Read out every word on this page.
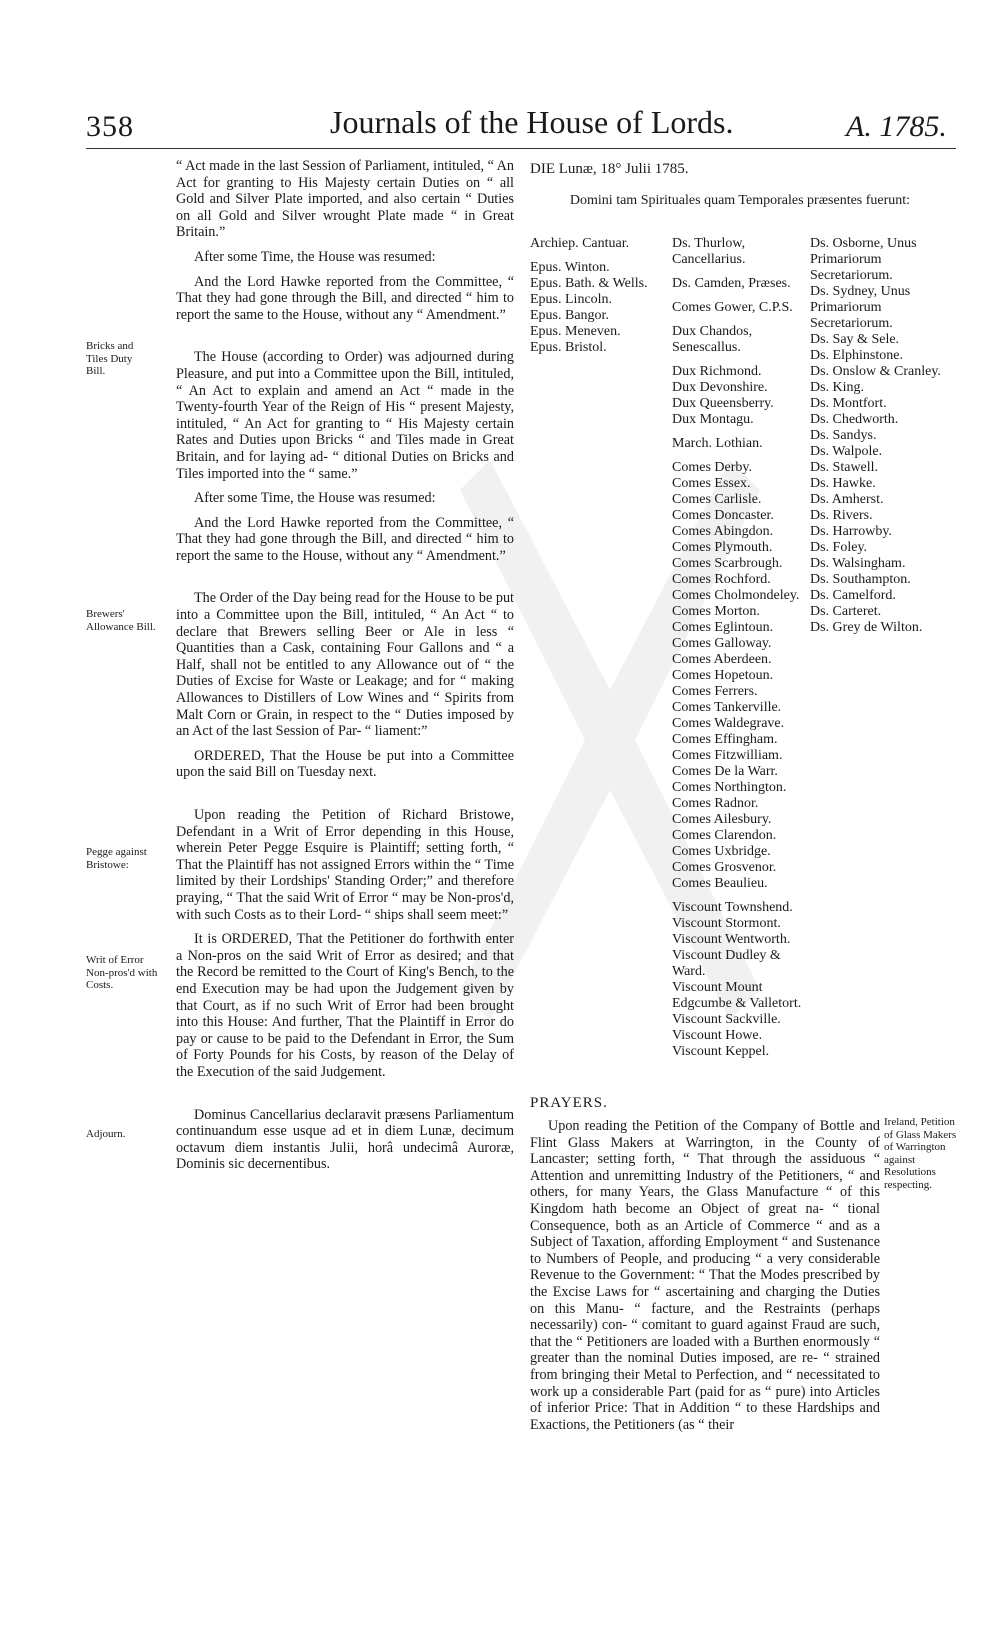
358	Journals of the House of Lords.	A. 1785.
Bricks and Tiles Duty Bill.
Brewers' Allowance Bill.
Pegge against Bristowe:
Writ of Error Non-pros'd with Costs.
Adjourn.
Ireland, Petition of Glass Makers of Warrington against Resolutions respecting.

“ Act made in the last Session of Parliament, intituled, “ An Act for granting to His Majesty certain Duties on “ all Gold and Silver Plate imported, and also certain “ Duties on all Gold and Silver wrought Plate made “ in Great Britain.”

After some Time, the House was resumed:

And the Lord Hawke reported from the Committee, “ That they had gone through the Bill, and directed “ him to report the same to the House, without any “ Amendment.”

The House (according to Order) was adjourned during Pleasure, and put into a Committee upon the Bill, intituled, “ An Act to explain and amend an Act “ made in the Twenty-fourth Year of the Reign of His “ present Majesty, intituled, “ An Act for granting to “ His Majesty certain Rates and Duties upon Bricks “ and Tiles made in Great Britain, and for laying ad- “ ditional Duties on Bricks and Tiles imported into the “ same.”

After some Time, the House was resumed:

And the Lord Hawke reported from the Committee, “ That they had gone through the Bill, and directed “ him to report the same to the House, without any “ Amendment.”

The Order of the Day being read for the House to be put into a Committee upon the Bill, intituled, “ An Act “ to declare that Brewers selling Beer or Ale in less “ Quantities than a Cask, containing Four Gallons and “ a Half, shall not be entitled to any Allowance out of “ the Duties of Excise for Waste or Leakage; and for “ making Allowances to Distillers of Low Wines and “ Spirits from Malt Corn or Grain, in respect to the “ Duties imposed by an Act of the last Session of Par- “ liament:”

ORDERED, That the House be put into a Committee upon the said Bill on Tuesday next.

Upon reading the Petition of Richard Bristowe, Defendant in a Writ of Error depending in this House, wherein Peter Pegge Esquire is Plaintiff; setting forth, “ That the Plaintiff has not assigned Errors within the “ Time limited by their Lordships' Standing Order;” and therefore praying, “ That the said Writ of Error “ may be Non-pros'd, with such Costs as to their Lord- “ ships shall seem meet:”

It is ORDERED, That the Petitioner do forthwith enter a Non-pros on the said Writ of Error as desired; and that the Record be remitted to the Court of King's Bench, to the end Execution may be had upon the Judgement given by that Court, as if no such Writ of Error had been brought into this House: And further, That the Plaintiff in Error do pay or cause to be paid to the Defendant in Error, the Sum of Forty Pounds for his Costs, by reason of the Delay of the Execution of the said Judgement.

Dominus Cancellarius declaravit præsens Parliamentum continuandum esse usque ad et in diem Lunæ, decimum octavum diem instantis Julii, horâ undecimâ Auroræ, Dominis sic decernentibus.

DIE Lunæ, 18° Julii 1785.
Domini tam Spirituales quam Temporales præsentes fuerunt:
Archiep. Cantuar.
Epus. Winton.
Epus. Bath. & Wells.
Epus. Lincoln.
Epus. Bangor.
Epus. Meneven.
Epus. Bristol.
Ds. Thurlow, Cancellarius.
Ds. Camden, Præses.
Comes Gower, C.P.S.
Dux Chandos, Senescallus.
Dux Richmond.
Dux Devonshire.
Dux Queensberry.
Dux Montagu.
March. Lothian.
Comes Derby.
Comes Essex.
Comes Carlisle.
Comes Doncaster.
Comes Abingdon.
Comes Plymouth.
Comes Scarbrough.
Comes Rochford.
Comes Cholmondeley.
Comes Morton.
Comes Eglintoun.
Comes Galloway.
Comes Aberdeen.
Comes Hopetoun.
Comes Ferrers.
Comes Tankerville.
Comes Waldegrave.
Comes Effingham.
Comes Fitzwilliam.
Comes De la Warr.
Comes Northington.
Comes Radnor.
Comes Ailesbury.
Comes Clarendon.
Comes Uxbridge.
Comes Grosvenor.
Comes Beaulieu.
Viscount Townshend.
Viscount Stormont.
Viscount Wentworth.
Viscount Dudley & Ward.
Viscount Mount Edgcumbe & Valletort.
Viscount Sackville.
Viscount Howe.
Viscount Keppel.
Ds. Osborne, Unus Primariorum Secretariorum.
Ds. Sydney, Unus Primariorum Secretariorum.
Ds. Say & Sele.
Ds. Elphinstone.
Ds. Onslow & Cranley.
Ds. King.
Ds. Montfort.
Ds. Chedworth.
Ds. Sandys.
Ds. Walpole.
Ds. Stawell.
Ds. Hawke.
Ds. Amherst.
Ds. Rivers.
Ds. Harrowby.
Ds. Foley.
Ds. Walsingham.
Ds. Southampton.
Ds. Camelford.
Ds. Carteret.
Ds. Grey de Wilton.
PRAYERS.

Upon reading the Petition of the Company of Bottle and Flint Glass Makers at Warrington, in the County of Lancaster; setting forth, “ That through the assiduous “ Attention and unremitting Industry of the Petitioners, “ and others, for many Years, the Glass Manufacture “ of this Kingdom hath become an Object of great na- “ tional Consequence, both as an Article of Commerce “ and as a Subject of Taxation, affording Employment “ and Sustenance to Numbers of People, and producing “ a very considerable Revenue to the Government: “ That the Modes prescribed by the Excise Laws for “ ascertaining and charging the Duties on this Manu- “ facture, and the Restraints (perhaps necessarily) con- “ comitant to guard against Fraud are such, that the “ Petitioners are loaded with a Burthen enormously “ greater than the nominal Duties imposed, are re- “ strained from bringing their Metal to Perfection, and “ necessitated to work up a considerable Part (paid for as “ pure) into Articles of inferior Price: That in Addition “ to these Hardships and Exactions, the Petitioners (as “ their
